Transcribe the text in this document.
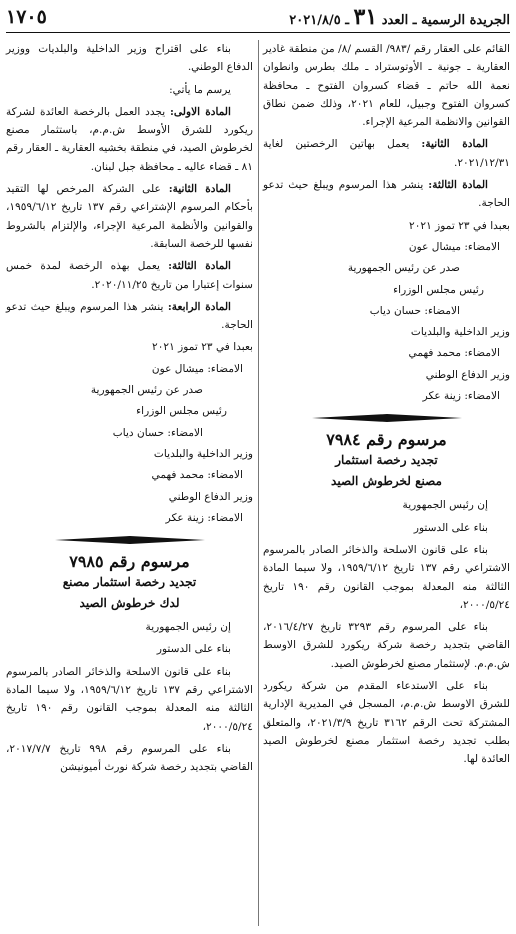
الجريدة الرسمية ـ العدد ٣١ ـ ٢٠٢١/٨/٥
١٧٠٥

القائم على العقار رقم /٩٨٣/ القسم /٨/ من منطقة غادير العقارية ـ جونية ـ الأوتوستراد ـ ملك بطرس وانطوان نعمة الله حاتم ـ قضاء كسروان الفتوح ـ محافظة كسروان الفتوح وجبيل، للعام ٢٠٢١، وذلك ضمن نطاق القوانين والانظمة المرعية الإجراء.

المادة الثانية: يعمل بهاتين الرخصتين لغاية ٢٠٢١/١٢/٣١.

المادة الثالثة: ينشر هذا المرسوم ويبلغ حيث تدعو الحاجة.

بعبدا في ٢٣ تموز ٢٠٢١

الامضاء: ميشال عون

صدر عن رئيس الجمهورية

رئيس مجلس الوزراء

الامضاء: حسان دياب

وزير الداخلية والبلديات

الامضاء: محمد فهمي

وزير الدفاع الوطني

الامضاء: زينة عكر

مرسوم رقم ٧٩٨٤
تجديد رخصة استثمار
مصنع لخرطوش الصيد

إن رئيس الجمهورية

بناء على الدستور

بناء على قانون الاسلحة والذخائر الصادر بالمرسوم الاشتراعي رقم ١٣٧ تاريخ ١٩٥٩/٦/١٢، ولا سيما المادة الثالثة منه المعدلة بموجب القانون رقم ١٩٠ تاريخ ٢٠٠٠/٥/٢٤،

بناء على المرسوم رقم ٣٢٩٣ تاريخ ٢٠١٦/٤/٢٧، القاضي بتجديد رخصة شركة ريكورد للشرق الاوسط ش.م.م. لإستثمار مصنع لخرطوش الصيد.

بناء على الاستدعاء المقدم من شركة ريكورد للشرق الاوسط ش.م.م، المسجل في المديرية الإدارية المشتركة تحت الرقم ٣١٦٢ تاريخ ٢٠٢١/٣/٩، والمتعلق بطلب تجديد رخصة استثمار مصنع لخرطوش الصيد العائدة لها.

بناء على اقتراح وزير الداخلية والبلديات ووزير الدفاع الوطني.

يرسم ما يأتي:

المادة الاولى: يجدد العمل بالرخصة العائدة لشركة ريكورد للشرق الأوسط ش.م.م، باستثمار مصنع لخرطوش الصيد، في منطقة بخشيه العقارية ـ العقار رقم ٨١ ـ قضاء عاليه ـ محافظة جبل لبنان.

المادة الثانية: على الشركة المرخص لها التقيد بأحكام المرسوم الإشتراعي رقم ١٣٧ تاريخ ١٩٥٩/٦/١٢، والقوانين والأنظمة المرعية الإجراء، والإلتزام بالشروط نفسها للرخصة السابقة.

المادة الثالثة: يعمل بهذه الرخصة لمدة خمس سنوات إعتبارا من تاريخ ٢٠٢٠/١١/٢٥.

المادة الرابعة: ينشر هذا المرسوم ويبلغ حيث تدعو الحاجة.

بعبدا في ٢٣ تموز ٢٠٢١

الامضاء: ميشال عون

صدر عن رئيس الجمهورية

رئيس مجلس الوزراء

الامضاء: حسان دياب

وزير الداخلية والبلديات

الامضاء: محمد فهمي

وزير الدفاع الوطني

الامضاء: زينة عكر

مرسوم رقم ٧٩٨٥
تجديد رخصة استثمار مصنع
لدك خرطوش الصيد

إن رئيس الجمهورية

بناء على الدستور

بناء على قانون الاسلحة والذخائر الصادر بالمرسوم الاشتراعي رقم ١٣٧ تاريخ ١٩٥٩/٦/١٢، ولا سيما المادة الثالثة منه المعدلة بموجب القانون رقم ١٩٠ تاريخ ٢٠٠٠/٥/٢٤،

بناء على المرسوم رقم ٩٩٨ تاريخ ٢٠١٧/٧/٧، القاضي بتجديد رخصة شركة نورث أميونيشن
